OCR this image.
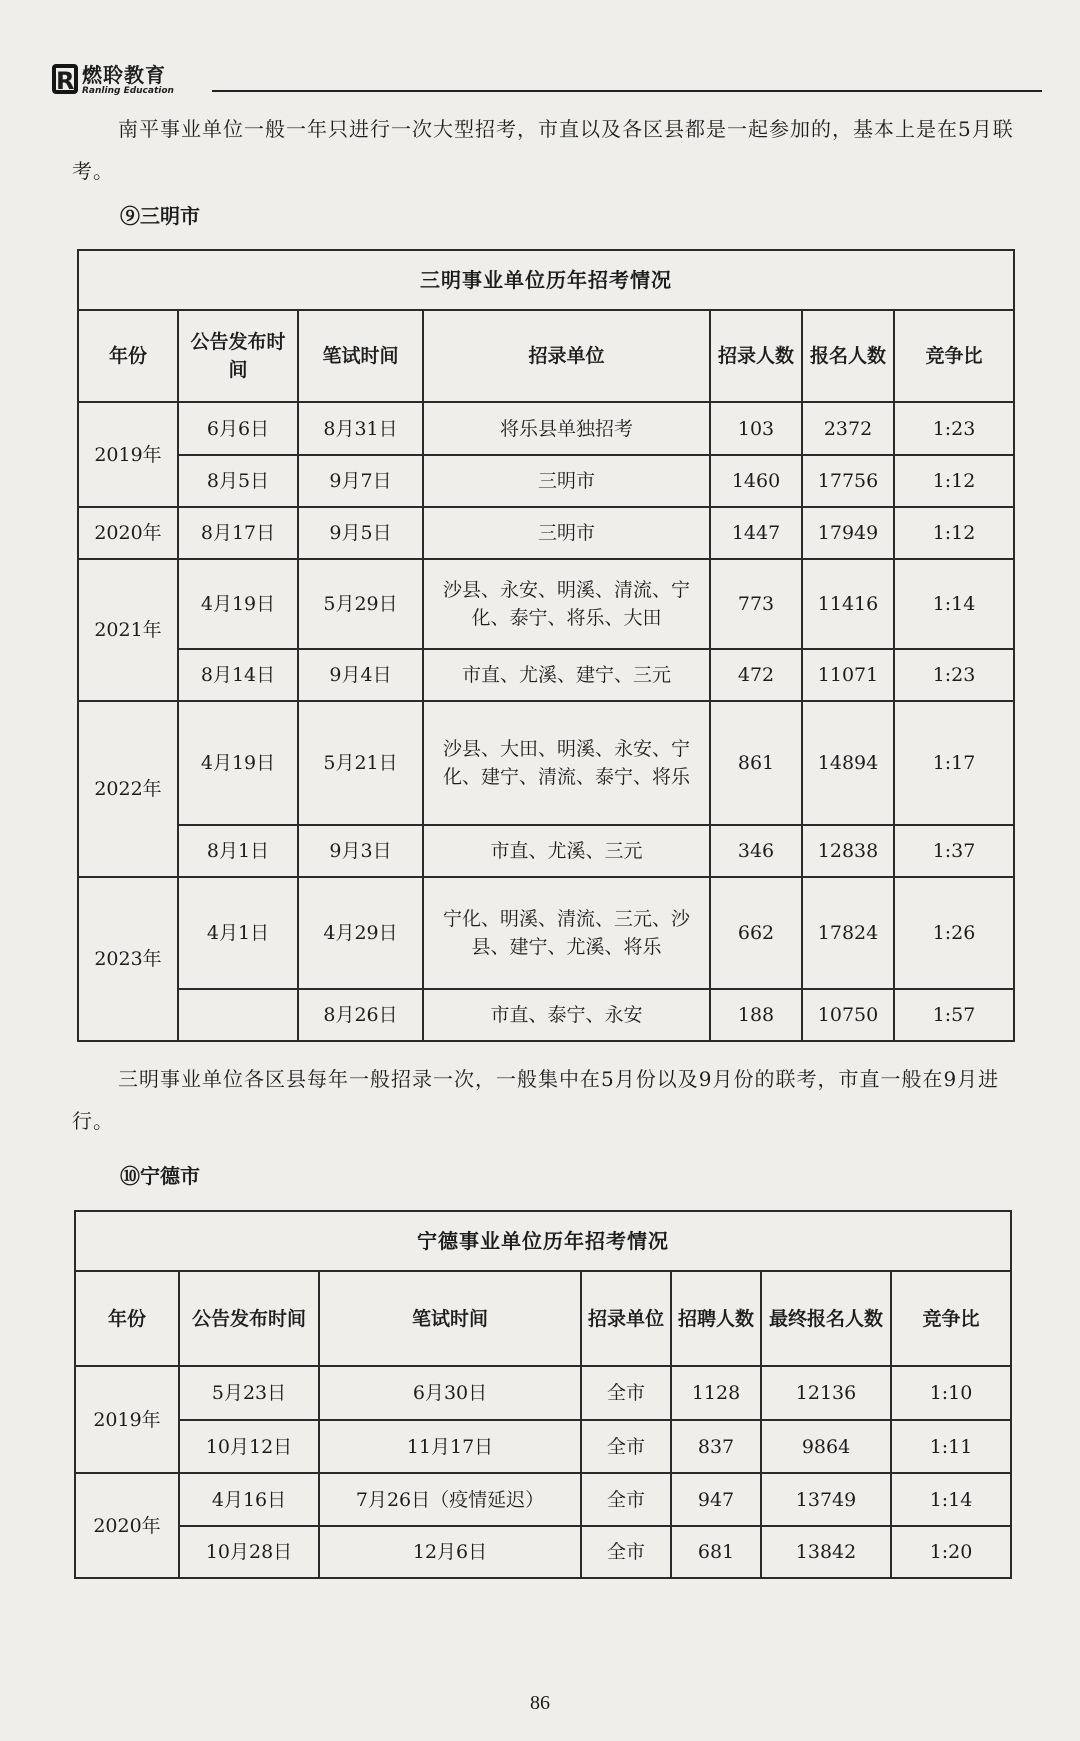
R 燃聆教育
Ranling Education

南平事业单位一般一年只进行一次大型招考，市直以及各区县都是一起参加的，基本上是在5月联考。

⑨三明市

三明事业单位历年招考情况						
年份	公告发布时间	笔试时间	招录单位	招录人数	报名人数	竞争比
2019年	6月6日	8月31日	将乐县单独招考	103	2372	1:23
	8月5日	9月7日	三明市	1460	17756	1:12
2020年	8月17日	9月5日	三明市	1447	17949	1:12
2021年	4月19日	5月29日	沙县、永安、明溪、清流、宁化、泰宁、将乐、大田	773	11416	1:14
	8月14日	9月4日	市直、尤溪、建宁、三元	472	11071	1:23
2022年	4月19日	5月21日	沙县、大田、明溪、永安、宁化、建宁、清流、泰宁、将乐	861	14894	1:17
	8月1日	9月3日	市直、尤溪、三元	346	12838	1:37
2023年	4月1日	4月29日	宁化、明溪、清流、三元、沙县、建宁、尤溪、将乐	662	17824	1:26
		8月26日	市直、泰宁、永安	188	10750	1:57

三明事业单位各区县每年一般招录一次，一般集中在5月份以及9月份的联考，市直一般在9月进行。

⑩宁德市

宁德事业单位历年招考情况						
年份	公告发布时间	笔试时间	招录单位	招聘人数	最终报名人数	竞争比
2019年	5月23日	6月30日	全市	1128	12136	1:10
	10月12日	11月17日	全市	837	9864	1:11
2020年	4月16日	7月26日（疫情延迟）	全市	947	13749	1:14
	10月28日	12月6日	全市	681	13842	1:20
86
